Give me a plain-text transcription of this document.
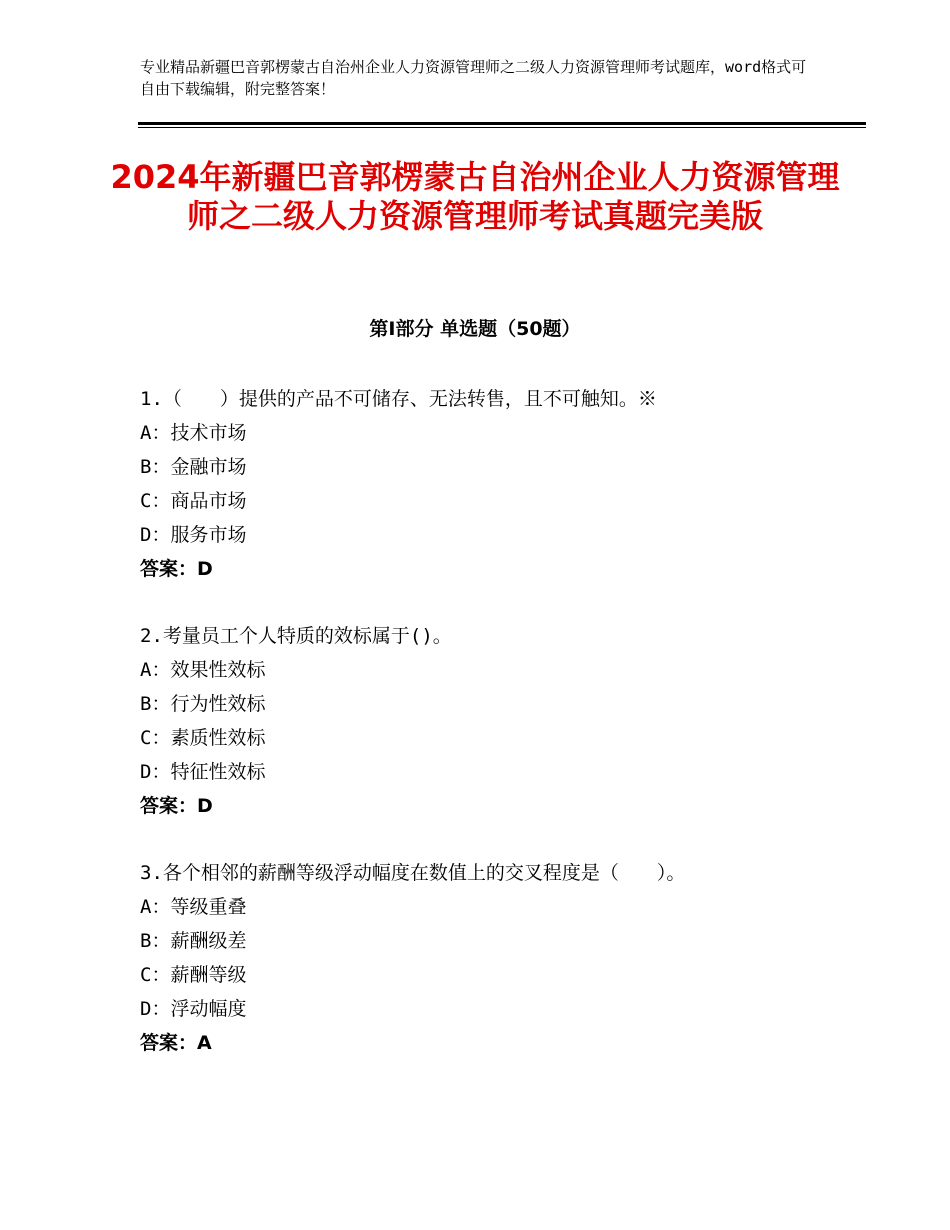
专业精品新疆巴音郭楞蒙古自治州企业人力资源管理师之二级人力资源管理师考试题库，word格式可自由下载编辑，附完整答案！
2024年新疆巴音郭楞蒙古自治州企业人力资源管理师之二级人力资源管理师考试真题完美版
第Ⅰ部分 单选题（50题）
1.（　　）提供的产品不可储存、无法转售，且不可触知。※
A：技术市场
B：金融市场
C：商品市场
D：服务市场
答案：D
2.考量员工个人特质的效标属于()。
A：效果性效标
B：行为性效标
C：素质性效标
D：特征性效标
答案：D
3.各个相邻的薪酬等级浮动幅度在数值上的交叉程度是（　　）。
A：等级重叠
B：薪酬级差
C：薪酬等级
D：浮动幅度
答案：A
